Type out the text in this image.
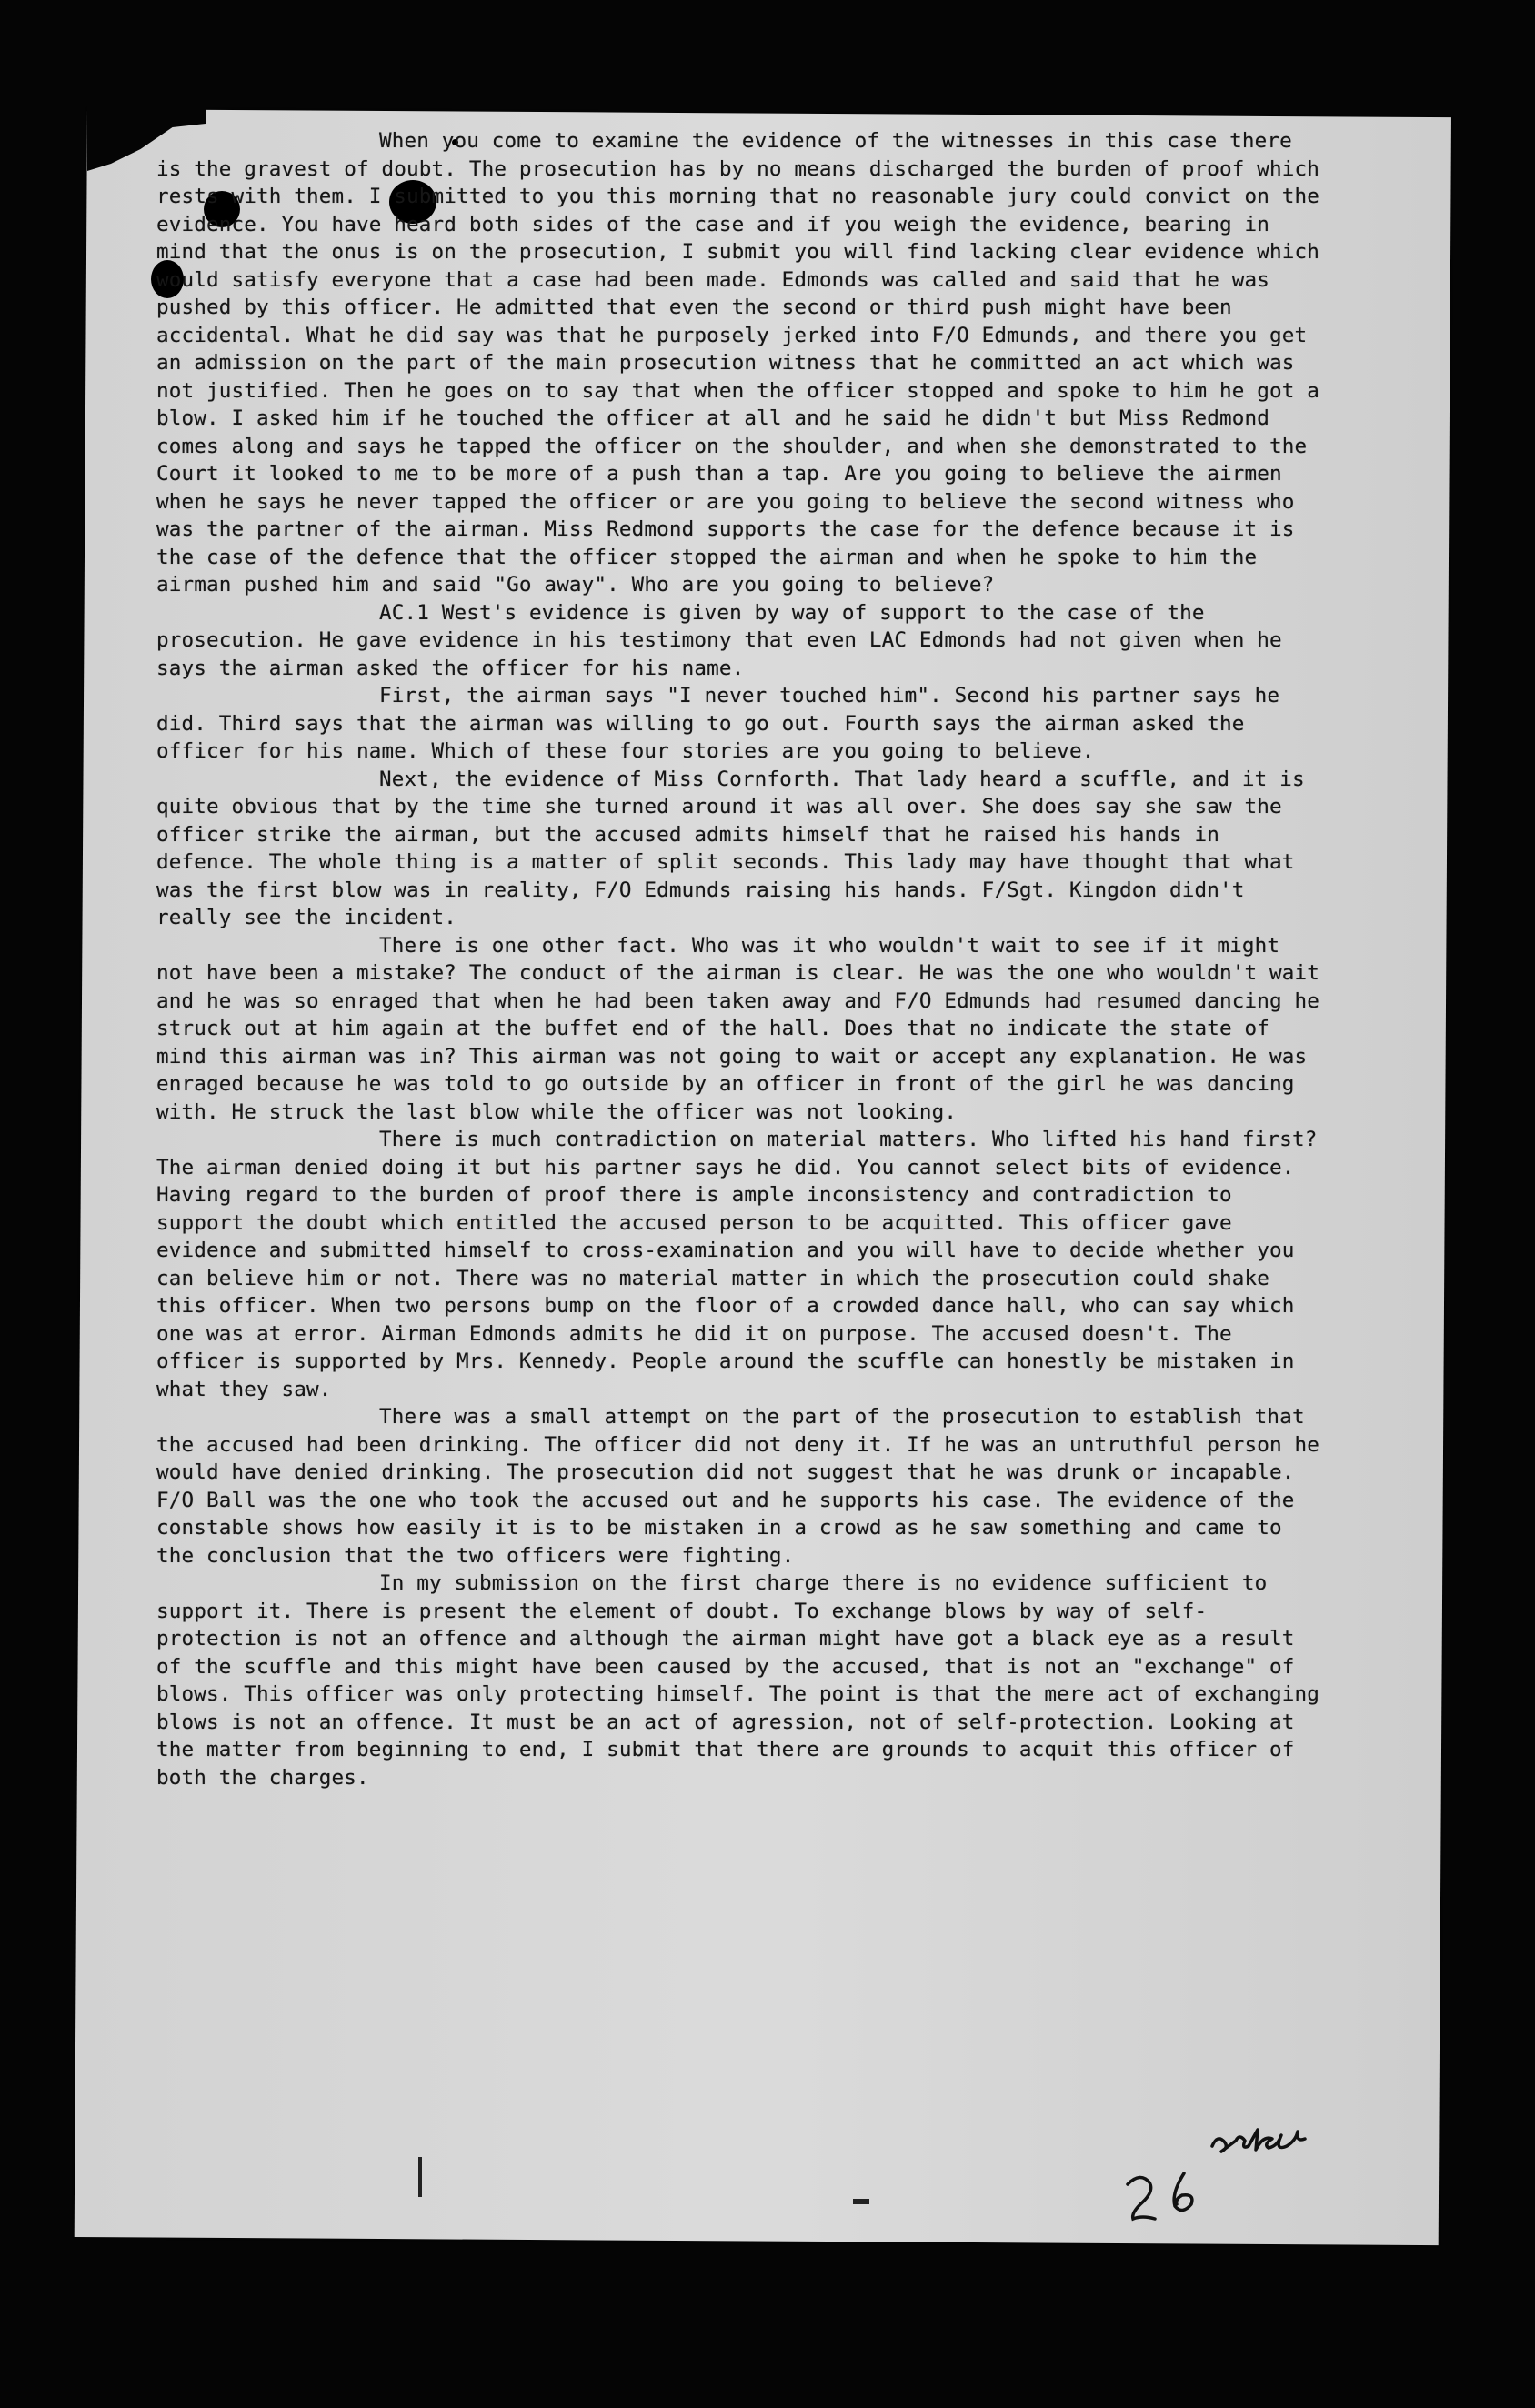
When you come to examine the evidence of the witnesses in this case there is the gravest of doubt. The prosecution has by no means discharged the burden of proof which rests with them. I submitted to you this morning that no reasonable jury could convict on the evidence. You have heard both sides of the case and if you weigh the evidence, bearing in mind that the onus is on the prosecution, I submit you will find lacking clear evidence which would satisfy everyone that a case had been made. Edmonds was called and said that he was pushed by this officer. He admitted that even the second or third push might have been accidental. What he did say was that he purposely jerked into F/O Edmunds, and there you get an admission on the part of the main prosecution witness that he committed an act which was not justified. Then he goes on to say that when the officer stopped and spoke to him he got a blow. I asked him if he touched the officer at all and he said he didn't but Miss Redmond comes along and says he tapped the officer on the shoulder, and when she demonstrated to the Court it looked to me to be more of a push than a tap. Are you going to believe the airmen when he says he never tapped the officer or are you going to believe the second witness who was the partner of the airman. Miss Redmond supports the case for the defence because it is the case of the defence that the officer stopped the airman and when he spoke to him the airman pushed him and said "Go away". Who are you going to believe?

AC.1 West's evidence is given by way of support to the case of the prosecution. He gave evidence in his testimony that even LAC Edmonds had not given when he says the airman asked the officer for his name.

First, the airman says "I never touched him". Second his partner says he did. Third says that the airman was willing to go out. Fourth says the airman asked the officer for his name. Which of these four stories are you going to believe.

Next, the evidence of Miss Cornforth. That lady heard a scuffle, and it is quite obvious that by the time she turned around it was all over. She does say she saw the officer strike the airman, but the accused admits himself that he raised his hands in defence. The whole thing is a matter of split seconds. This lady may have thought that what was the first blow was in reality, F/O Edmunds raising his hands. F/Sgt. Kingdon didn't really see the incident.

There is one other fact. Who was it who wouldn't wait to see if it might not have been a mistake? The conduct of the airman is clear. He was the one who wouldn't wait and he was so enraged that when he had been taken away and F/O Edmunds had resumed dancing he struck out at him again at the buffet end of the hall. Does that no indicate the state of mind this airman was in? This airman was not going to wait or accept any explanation. He was enraged because he was told to go outside by an officer in front of the girl he was dancing with. He struck the last blow while the officer was not looking.

There is much contradiction on material matters. Who lifted his hand first? The airman denied doing it but his partner says he did. You cannot select bits of evidence. Having regard to the burden of proof there is ample inconsistency and contradiction to support the doubt which entitled the accused person to be acquitted. This officer gave evidence and submitted himself to cross-examination and you will have to decide whether you can believe him or not. There was no material matter in which the prosecution could shake this officer. When two persons bump on the floor of a crowded dance hall, who can say which one was at error. Airman Edmonds admits he did it on purpose. The accused doesn't. The officer is supported by Mrs. Kennedy. People around the scuffle can honestly be mistaken in what they saw.

There was a small attempt on the part of the prosecution to establish that the accused had been drinking. The officer did not deny it. If he was an untruthful person he would have denied drinking. The prosecution did not suggest that he was drunk or incapable. F/O Ball was the one who took the accused out and he supports his case. The evidence of the constable shows how easily it is to be mistaken in a crowd as he saw something and came to the conclusion that the two officers were fighting.

In my submission on the first charge there is no evidence sufficient to support it. There is present the element of doubt. To exchange blows by way of self-protection is not an offence and although the airman might have got a black eye as a result of the scuffle and this might have been caused by the accused, that is not an "exchange" of blows. This officer was only protecting himself. The point is that the mere act of exchanging blows is not an offence. It must be an act of agression, not of self-protection. Looking at the matter from beginning to end, I submit that there are grounds to acquit this officer of both the charges.
